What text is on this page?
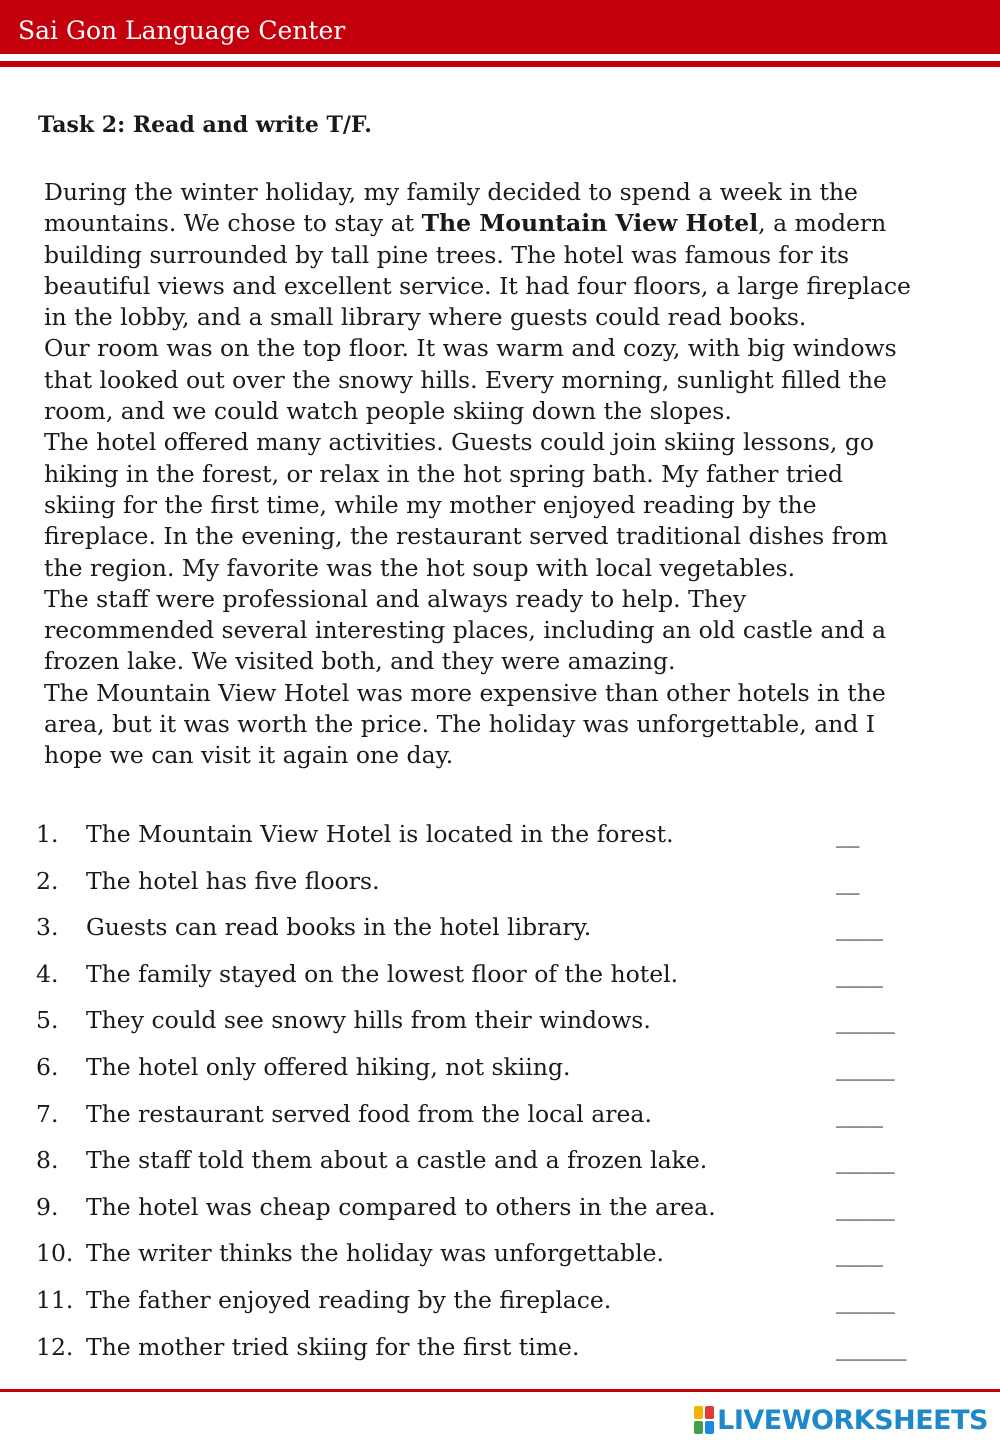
Sai Gon Language Center
Task 2: Read and write T/F.

During the winter holiday, my family decided to spend a week in the
mountains. We chose to stay at The Mountain View Hotel, a modern
building surrounded by tall pine trees. The hotel was famous for its
beautiful views and excellent service. It had four floors, a large fireplace
in the lobby, and a small library where guests could read books.

Our room was on the top floor. It was warm and cozy, with big windows
that looked out over the snowy hills. Every morning, sunlight filled the
room, and we could watch people skiing down the slopes.

The hotel offered many activities. Guests could join skiing lessons, go
hiking in the forest, or relax in the hot spring bath. My father tried
skiing for the first time, while my mother enjoyed reading by the
fireplace. In the evening, the restaurant served traditional dishes from
the region. My favorite was the hot soup with local vegetables.

The staff were professional and always ready to help. They
recommended several interesting places, including an old castle and a
frozen lake. We visited both, and they were amazing.

The Mountain View Hotel was more expensive than other hotels in the
area, but it was worth the price. The holiday was unforgettable, and I
hope we can visit it again one day.

1. The Mountain View Hotel is located in the forest.	__
2. The hotel has five floors.	__
3. Guests can read books in the hotel library.	____
4. The family stayed on the lowest floor of the hotel.	____
5. They could see snowy hills from their windows.	_____
6. The hotel only offered hiking, not skiing.	_____
7. The restaurant served food from the local area.	____
8. The staff told them about a castle and a frozen lake.	_____
9. The hotel was cheap compared to others in the area.	_____
10. The writer thinks the holiday was unforgettable.	____
11. The father enjoyed reading by the fireplace.	_____
12. The mother tried skiing for the first time.	______
LIVEWORKSHEETS
